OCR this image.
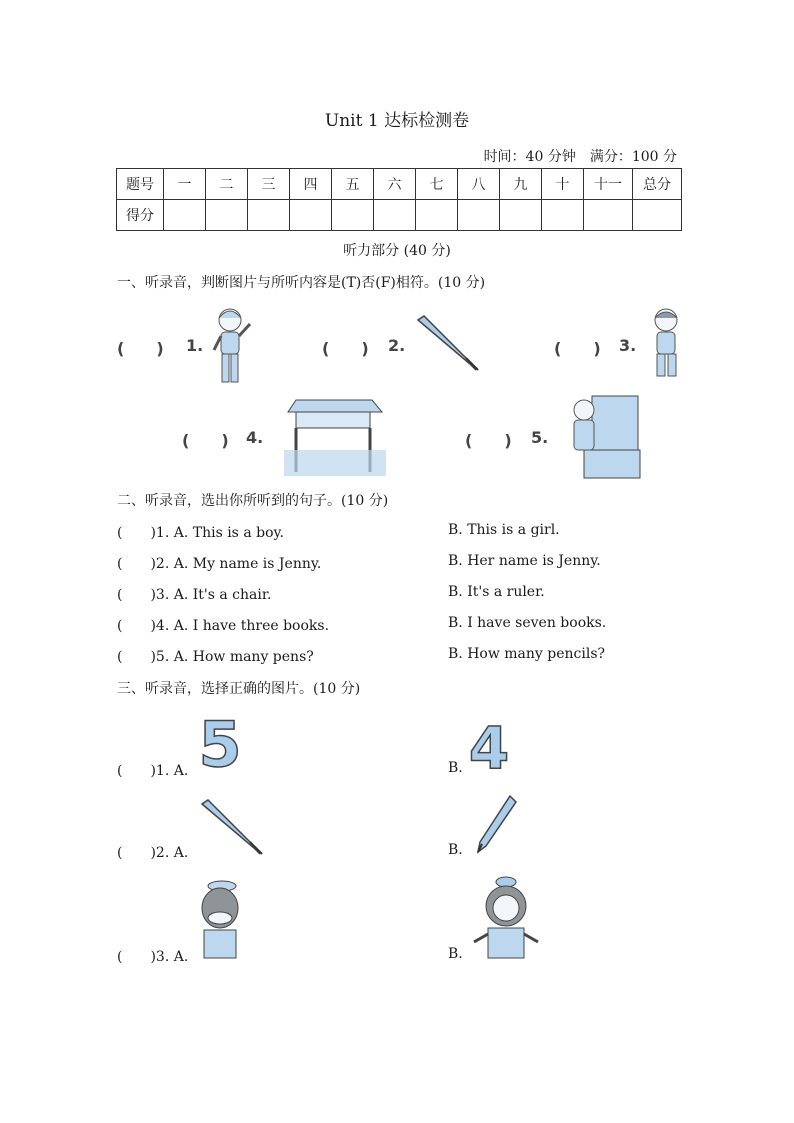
Unit 1 达标检测卷
时间：40 分钟　满分：100 分
题号	一	二	三	四	五	六	七	八	九	十	十一	总分
得分												
听力部分 (40 分)
一、听录音，判断图片与所听内容是(T)否(F)相符。(10 分)
(　　) 1.	(　　) 2.	(　　) 3.
(　　) 4.	(　　) 5.
二、听录音，选出你所听到的句子。(10 分)
(　　)1. A. This is a boy.	B. This is a girl.
(　　)2. A. My name is Jenny.	B. Her name is Jenny.
(　　)3. A. It's a chair.	B. It's a ruler.
(　　)4. A. I have three books.	B. I have seven books.
(　　)5. A. How many pens?	B. How many pencils?
三、听录音，选择正确的图片。(10 分)
(　　)1. A. 5	B. 4
(　　)2. A.	B.
(　　)3. A.	B.
